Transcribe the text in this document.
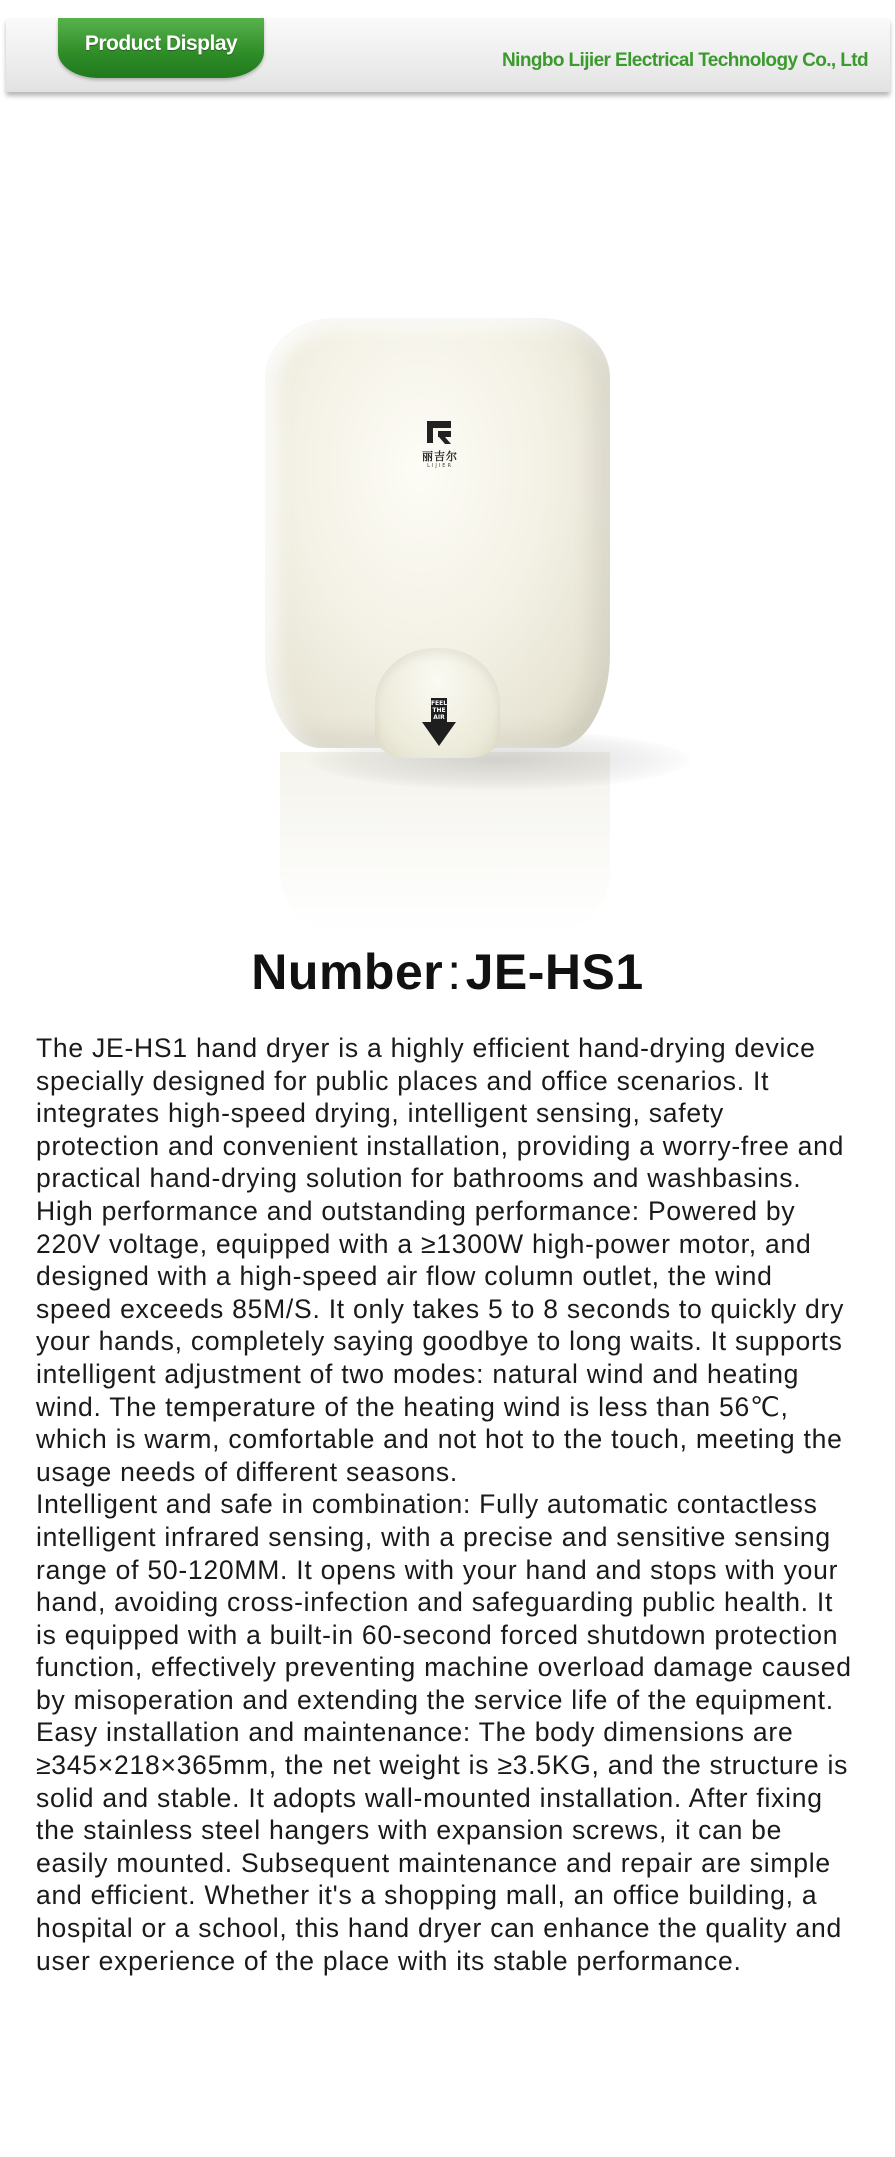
Product Display
Ningbo Lijier Electrical Technology Co., Ltd
丽吉尔
LIJIER
FEEL
THE
AIR
Number:JE-HS1

The JE-HS1 hand dryer is a highly efficient hand-drying device specially designed for public places and office scenarios. It integrates high-speed drying, intelligent sensing, safety protection and convenient installation, providing a worry-free and practical hand-drying solution for bathrooms and washbasins.

High performance and outstanding performance: Powered by 220V voltage, equipped with a ≥1300W high-power motor, and designed with a high-speed air flow column outlet, the wind speed exceeds 85M/S. It only takes 5 to 8 seconds to quickly dry your hands, completely saying goodbye to long waits. It supports intelligent adjustment of two modes: natural wind and heating wind. The temperature of the heating wind is less than 56℃, which is warm, comfortable and not hot to the touch, meeting the usage needs of different seasons.

Intelligent and safe in combination: Fully automatic contactless intelligent infrared sensing, with a precise and sensitive sensing range of 50-120MM. It opens with your hand and stops with your hand, avoiding cross-infection and safeguarding public health. It is equipped with a built-in 60-second forced shutdown protection function, effectively preventing machine overload damage caused by misoperation and extending the service life of the equipment.

Easy installation and maintenance: The body dimensions are ≥345×218×365mm, the net weight is ≥3.5KG, and the structure is solid and stable. It adopts wall-mounted installation. After fixing the stainless steel hangers with expansion screws, it can be easily mounted. Subsequent maintenance and repair are simple and efficient. Whether it's a shopping mall, an office building, a hospital or a school, this hand dryer can enhance the quality and user experience of the place with its stable performance.
